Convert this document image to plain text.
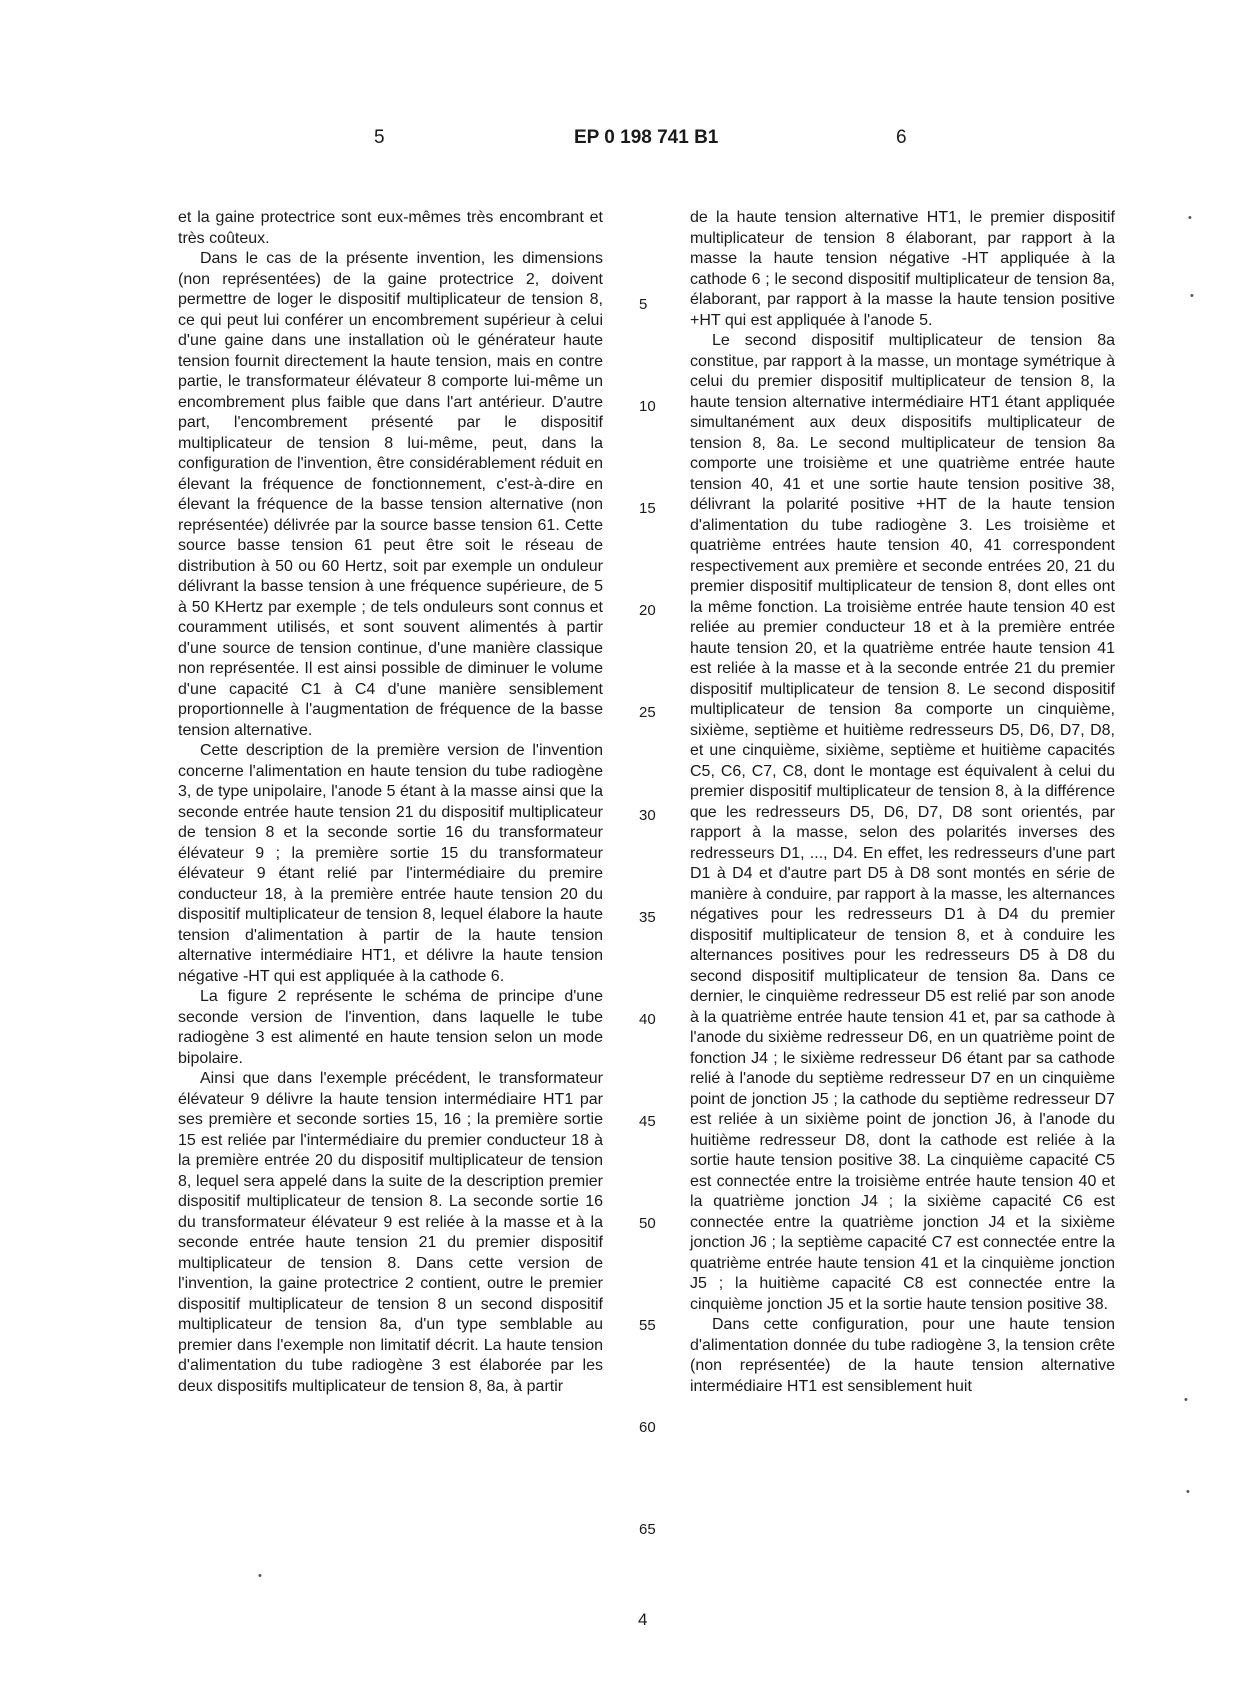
5	EP 0 198 741 B1	6

et la gaine protectrice sont eux-mêmes très encombrant et très coûteux.

Dans le cas de la présente invention, les dimensions (non représentées) de la gaine protectrice 2, doivent permettre de loger le dispositif multiplicateur de tension 8, ce qui peut lui conférer un encombrement supérieur à celui d'une gaine dans une installation où le générateur haute tension fournit directement la haute tension, mais en contre partie, le transformateur élévateur 8 comporte lui-même un encombrement plus faible que dans l'art antérieur. D'autre part, l'encombrement présenté par le dispositif multiplicateur de tension 8 lui-même, peut, dans la configuration de l'invention, être considérablement réduit en élevant la fréquence de fonctionnement, c'est-à-dire en élevant la fréquence de la basse tension alternative (non représentée) délivrée par la source basse tension 61. Cette source basse tension 61 peut être soit le réseau de distribution à 50 ou 60 Hertz, soit par exemple un onduleur délivrant la basse tension à une fréquence supérieure, de 5 à 50 KHertz par exemple ; de tels onduleurs sont connus et couramment utilisés, et sont souvent alimentés à partir d'une source de tension continue, d'une manière classique non représentée. Il est ainsi possible de diminuer le volume d'une capacité C1 à C4 d'une manière sensiblement proportionnelle à l'augmentation de fréquence de la basse tension alternative.

Cette description de la première version de l'invention concerne l'alimentation en haute tension du tube radiogène 3, de type unipolaire, l'anode 5 étant à la masse ainsi que la seconde entrée haute tension 21 du dispositif multiplicateur de tension 8 et la seconde sortie 16 du transformateur élévateur 9 ; la première sortie 15 du transformateur élévateur 9 étant relié par l'intermédiaire du premire conducteur 18, à la première entrée haute tension 20 du dispositif multiplicateur de tension 8, lequel élabore la haute tension d'alimentation à partir de la haute tension alternative intermédiaire HT1, et délivre la haute tension négative -HT qui est appliquée à la cathode 6.

La figure 2 représente le schéma de principe d'une seconde version de l'invention, dans laquelle le tube radiogène 3 est alimenté en haute tension selon un mode bipolaire.

Ainsi que dans l'exemple précédent, le transformateur élévateur 9 délivre la haute tension intermédiaire HT1 par ses première et seconde sorties 15, 16 ; la première sortie 15 est reliée par l'intermédiaire du premier conducteur 18 à la première entrée 20 du dispositif multiplicateur de tension 8, lequel sera appelé dans la suite de la description premier dispositif multiplicateur de tension 8. La seconde sortie 16 du transformateur élévateur 9 est reliée à la masse et à la seconde entrée haute tension 21 du premier dispositif multiplicateur de tension 8. Dans cette version de l'invention, la gaine protectrice 2 contient, outre le premier dispositif multiplicateur de tension 8 un second dispositif multiplicateur de tension 8a, d'un type semblable au premier dans l'exemple non limitatif décrit. La haute tension d'alimentation du tube radiogène 3 est élaborée par les deux dispositifs multiplicateur de tension 8, 8a, à partir

de la haute tension alternative HT1, le premier dispositif multiplicateur de tension 8 élaborant, par rapport à la masse la haute tension négative -HT appliquée à la cathode 6 ; le second dispositif multiplicateur de tension 8a, élaborant, par rapport à la masse la haute tension positive +HT qui est appliquée à l'anode 5.

Le second dispositif multiplicateur de tension 8a constitue, par rapport à la masse, un montage symétrique à celui du premier dispositif multiplicateur de tension 8, la haute tension alternative intermédiaire HT1 étant appliquée simultanément aux deux dispositifs multiplicateur de tension 8, 8a. Le second multiplicateur de tension 8a comporte une troisième et une quatrième entrée haute tension 40, 41 et une sortie haute tension positive 38, délivrant la polarité positive +HT de la haute tension d'alimentation du tube radiogène 3. Les troisième et quatrième entrées haute tension 40, 41 correspondent respectivement aux première et seconde entrées 20, 21 du premier dispositif multiplicateur de tension 8, dont elles ont la même fonction. La troisième entrée haute tension 40 est reliée au premier conducteur 18 et à la première entrée haute tension 20, et la quatrième entrée haute tension 41 est reliée à la masse et à la seconde entrée 21 du premier dispositif multiplicateur de tension 8. Le second dispositif multiplicateur de tension 8a comporte un cinquième, sixième, septième et huitième redresseurs D5, D6, D7, D8, et une cinquième, sixième, septième et huitième capacités C5, C6, C7, C8, dont le montage est équivalent à celui du premier dispositif multiplicateur de tension 8, à la différence que les redresseurs D5, D6, D7, D8 sont orientés, par rapport à la masse, selon des polarités inverses des redresseurs D1, ..., D4. En effet, les redresseurs d'une part D1 à D4 et d'autre part D5 à D8 sont montés en série de manière à conduire, par rapport à la masse, les alternances négatives pour les redresseurs D1 à D4 du premier dispositif multiplicateur de tension 8, et à conduire les alternances positives pour les redresseurs D5 à D8 du second dispositif multiplicateur de tension 8a. Dans ce dernier, le cinquième redresseur D5 est relié par son anode à la quatrième entrée haute tension 41 et, par sa cathode à l'anode du sixième redresseur D6, en un quatrième point de fonction J4 ; le sixième redresseur D6 étant par sa cathode relié à l'anode du septième redresseur D7 en un cinquième point de jonction J5 ; la cathode du septième redresseur D7 est reliée à un sixième point de jonction J6, à l'anode du huitième redresseur D8, dont la cathode est reliée à la sortie haute tension positive 38. La cinquième capacité C5 est connectée entre la troisième entrée haute tension 40 et la quatrième jonction J4 ; la sixième capacité C6 est connectée entre la quatrième jonction J4 et la sixième jonction J6 ; la septième capacité C7 est connectée entre la quatrième entrée haute tension 41 et la cinquième jonction J5 ; la huitième capacité C8 est connectée entre la cinquième jonction J5 et la sortie haute tension positive 38.

Dans cette configuration, pour une haute tension d'alimentation donnée du tube radiogène 3, la tension crête (non représentée) de la haute tension alternative intermédiaire HT1 est sensiblement huit

5
10
15
20
25
30
35
40
45
50
55
60
65
4
•
•
•
•
•
